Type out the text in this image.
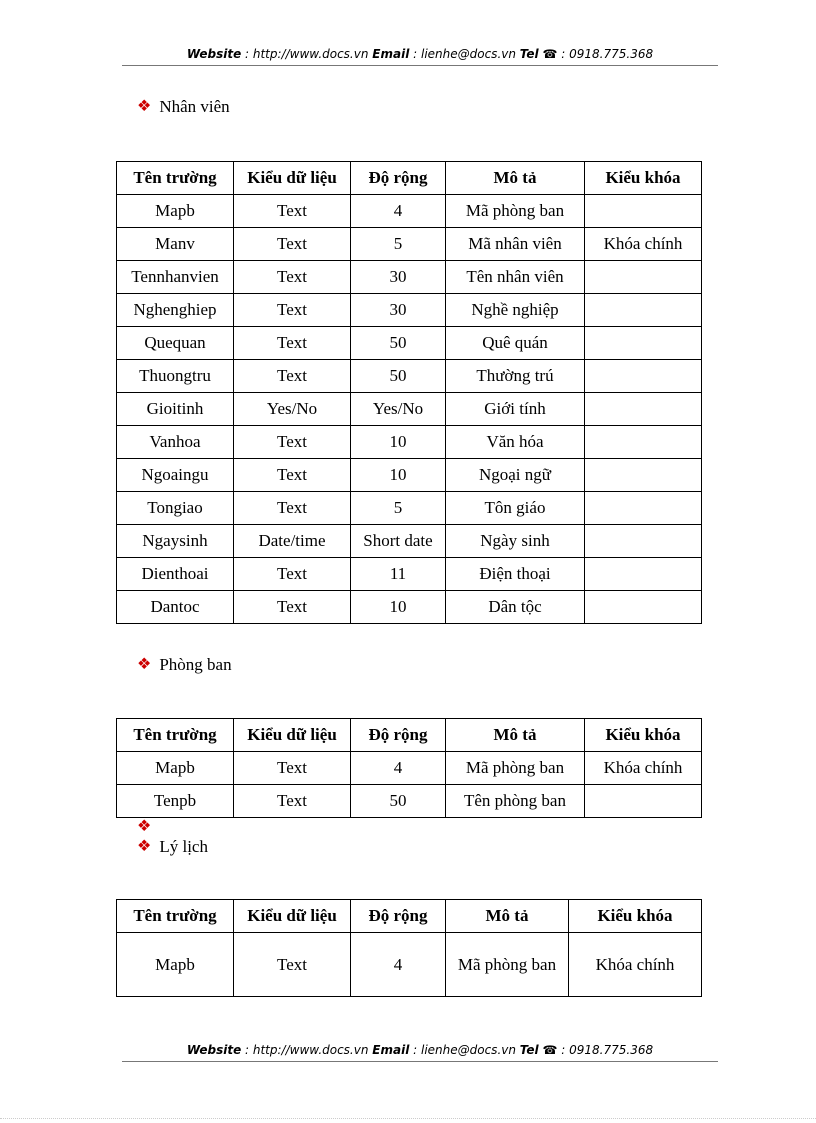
Website : http://www.docs.vn Email : lienhe@docs.vn Tel ☎ : 0918.775.368
❖ Nhân viên
Tên trường	Kiểu dữ liệu	Độ rộng	Mô tả	Kiểu khóa
Mapb	Text	4	Mã phòng ban	
Manv	Text	5	Mã nhân viên	Khóa chính
Tennhanvien	Text	30	Tên nhân viên	
Nghenghiep	Text	30	Nghề nghiệp	
Quequan	Text	50	Quê quán	
Thuongtru	Text	50	Thường trú	
Gioitinh	Yes/No	Yes/No	Giới tính	
Vanhoa	Text	10	Văn hóa	
Ngoaingu	Text	10	Ngoại ngữ	
Tongiao	Text	5	Tôn giáo	
Ngaysinh	Date/time	Short date	Ngày sinh	
Dienthoai	Text	11	Điện thoại	
Dantoc	Text	10	Dân tộc	
❖ Phòng ban
Tên trường	Kiểu dữ liệu	Độ rộng	Mô tả	Kiểu khóa
Mapb	Text	4	Mã phòng ban	Khóa chính
Tenpb	Text	50	Tên phòng ban	
❖
❖ Lý lịch
Tên trường	Kiểu dữ liệu	Độ rộng	Mô tả	Kiểu khóa
Mapb	Text	4	Mã phòng ban	Khóa chính
Website : http://www.docs.vn Email : lienhe@docs.vn Tel ☎ : 0918.775.368
